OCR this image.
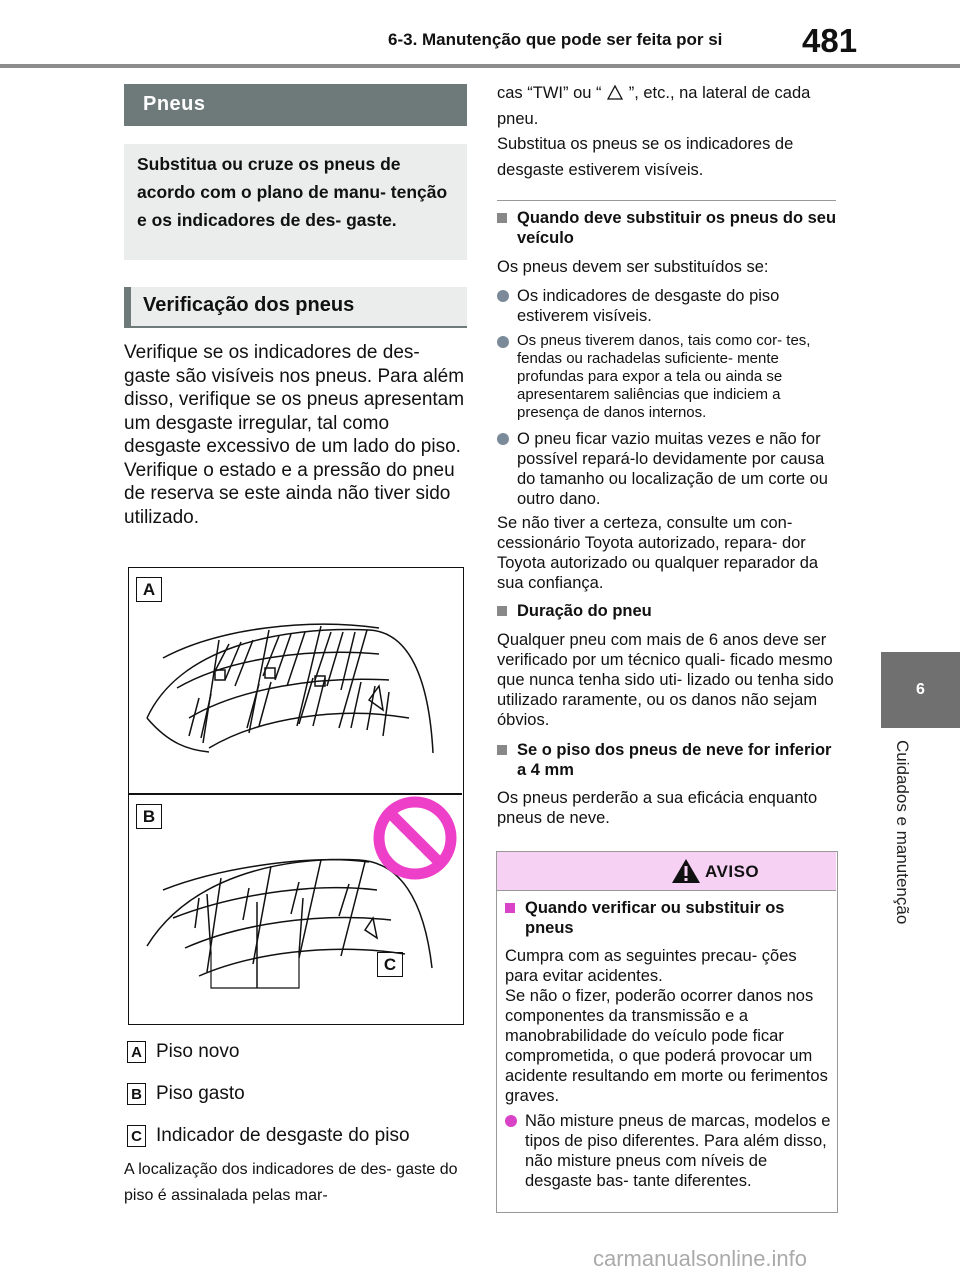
6-3. Manutenção que pode ser feita por si 481
6
Cuidados e manutenção
Pneus

Substitua ou cruze os pneus de acordo com o plano de manu- tenção e os indicadores de des- gaste.

Verificação dos pneus

Verifique se os indicadores de des- gaste são visíveis nos pneus. Para além disso, verifique se os pneus apresentam um desgaste irregular, tal como desgaste excessivo de um lado do piso.

Verifique o estado e a pressão do pneu de reserva se este ainda não tiver sido utilizado.

A
B
C
A Piso novo
B Piso gasto
C Indicador de desgaste do piso
A localização dos indicadores de des- gaste do piso é assinalada pelas mar-
cas “TWI” ou “ ”, etc., na lateral de cada pneu.
Substitua os pneus se os indicadores de desgaste estiverem visíveis.
Quando deve substituir os pneus do seu veículo
Os pneus devem ser substituídos se:
Os indicadores de desgaste do piso estiverem visíveis.
Os pneus tiverem danos, tais como cor- tes, fendas ou rachadelas suficiente- mente profundas para expor a tela ou ainda se apresentarem saliências que indiciem a presença de danos internos.
O pneu ficar vazio muitas vezes e não for possível repará-lo devidamente por causa do tamanho ou localização de um corte ou outro dano.
Se não tiver a certeza, consulte um con- cessionário Toyota autorizado, repara- dor Toyota autorizado ou qualquer reparador da sua confiança.
Duração do pneu
Qualquer pneu com mais de 6 anos deve ser verificado por um técnico quali- ficado mesmo que nunca tenha sido uti- lizado ou tenha sido utilizado raramente, ou os danos não sejam óbvios.
Se o piso dos pneus de neve for inferior a 4 mm
Os pneus perderão a sua eficácia enquanto pneus de neve.
AVISO
Quando verificar ou substituir os pneus
Cumpra com as seguintes precau- ções para evitar acidentes.
Se não o fizer, poderão ocorrer danos nos componentes da transmissão e a manobrabilidade do veículo pode ficar comprometida, o que poderá provocar um acidente resultando em morte ou ferimentos graves.
Não misture pneus de marcas, modelos e tipos de piso diferentes. Para além disso, não misture pneus com níveis de desgaste bas- tante diferentes.
carmanualsonline.info
